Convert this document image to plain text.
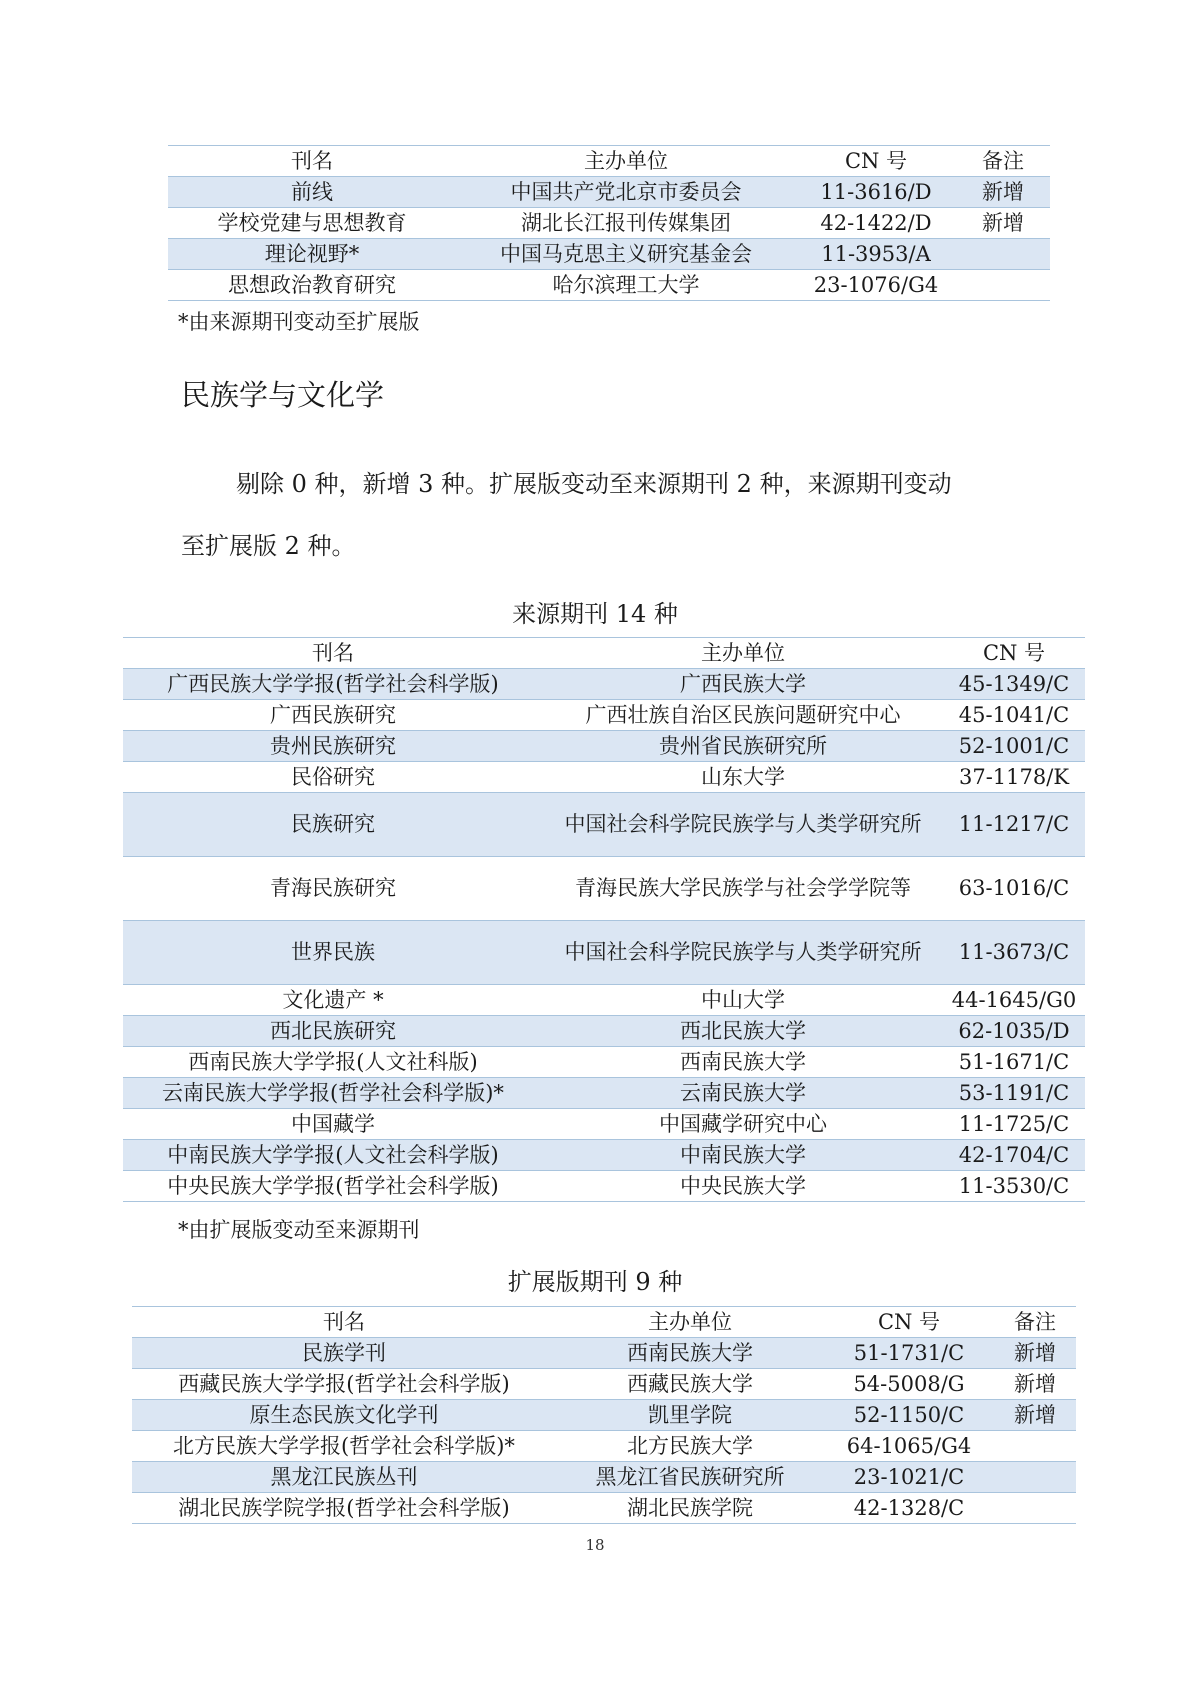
刊名	主办单位	CN 号	备注
前线	中国共产党北京市委员会	11-3616/D	新增
学校党建与思想教育	湖北长江报刊传媒集团	42-1422/D	新增
理论视野*	中国马克思主义研究基金会	11-3953/A	
思想政治教育研究	哈尔滨理工大学	23-1076/G4	
*由来源期刊变动至扩展版
民族学与文化学
剔除 0 种，新增 3 种。扩展版变动至来源期刊 2 种，来源期刊变动
至扩展版 2 种。
来源期刊 14 种
刊名	主办单位	CN 号
广西民族大学学报(哲学社会科学版)	广西民族大学	45-1349/C
广西民族研究	广西壮族自治区民族问题研究中心	45-1041/C
贵州民族研究	贵州省民族研究所	52-1001/C
民俗研究	山东大学	37-1178/K
民族研究	中国社会科学院民族学与人类学研究所	11-1217/C
青海民族研究	青海民族大学民族学与社会学学院等	63-1016/C
世界民族	中国社会科学院民族学与人类学研究所	11-3673/C
文化遗产 *	中山大学	44-1645/G0
西北民族研究	西北民族大学	62-1035/D
西南民族大学学报(人文社科版)	西南民族大学	51-1671/C
云南民族大学学报(哲学社会科学版)*	云南民族大学	53-1191/C
中国藏学	中国藏学研究中心	11-1725/C
中南民族大学学报(人文社会科学版)	中南民族大学	42-1704/C
中央民族大学学报(哲学社会科学版)	中央民族大学	11-3530/C
*由扩展版变动至来源期刊
扩展版期刊 9 种
刊名	主办单位	CN 号	备注
民族学刊	西南民族大学	51-1731/C	新增
西藏民族大学学报(哲学社会科学版)	西藏民族大学	54-5008/G	新增
原生态民族文化学刊	凯里学院	52-1150/C	新增
北方民族大学学报(哲学社会科学版)*	北方民族大学	64-1065/G4	
黑龙江民族丛刊	黑龙江省民族研究所	23-1021/C	
湖北民族学院学报(哲学社会科学版)	湖北民族学院	42-1328/C	
18
